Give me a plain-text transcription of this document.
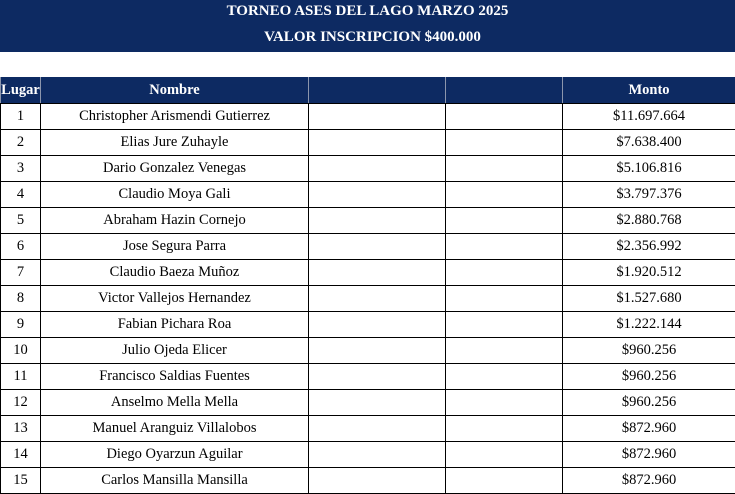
TORNEO ASES DEL LAGO MARZO 2025
VALOR INSCRIPCION $400.000
Lugar	Nombre			Monto
1	Christopher Arismendi Gutierrez			$11.697.664
2	Elias Jure Zuhayle			$7.638.400
3	Dario Gonzalez Venegas			$5.106.816
4	Claudio Moya Gali			$3.797.376
5	Abraham Hazin Cornejo			$2.880.768
6	Jose Segura Parra			$2.356.992
7	Claudio Baeza Muñoz			$1.920.512
8	Victor Vallejos Hernandez			$1.527.680
9	Fabian Pichara Roa			$1.222.144
10	Julio Ojeda Elicer			$960.256
11	Francisco Saldias Fuentes			$960.256
12	Anselmo Mella Mella			$960.256
13	Manuel Aranguiz Villalobos			$872.960
14	Diego Oyarzun Aguilar			$872.960
15	Carlos Mansilla Mansilla			$872.960
